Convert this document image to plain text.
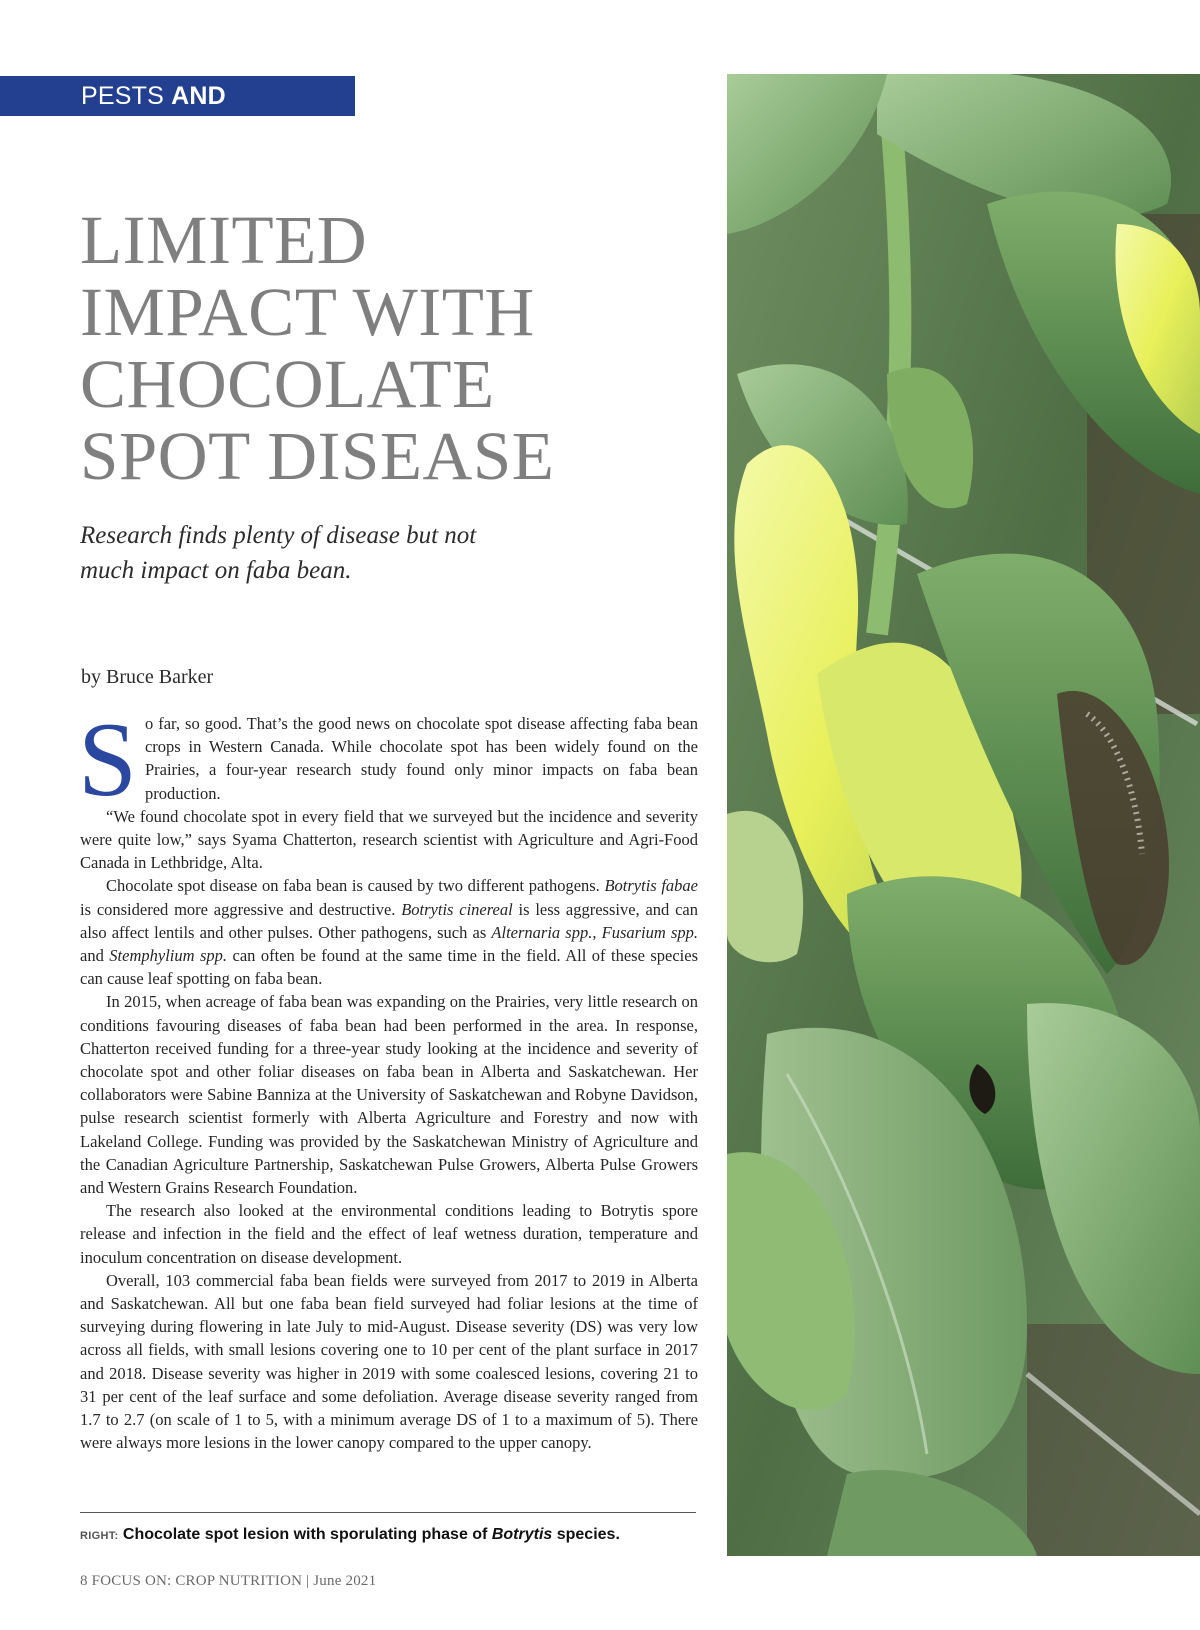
PESTS AND DISEASES
LIMITED IMPACT WITH CHOCOLATE SPOT DISEASE

Research finds plenty of disease but not much impact on faba bean.

by Bruce Barker

So far, so good. That’s the good news on chocolate spot disease affecting faba bean crops in Western Canada. While chocolate spot has been widely found on the Prairies, a four-year research study found only minor impacts on faba bean production.

“We found chocolate spot in every field that we surveyed but the incidence and severity were quite low,” says Syama Chatterton, research scientist with Agriculture and Agri-Food Canada in Lethbridge, Alta.

Chocolate spot disease on faba bean is caused by two different pathogens. Botrytis fabae is considered more aggressive and destructive. Botrytis cinereal is less aggressive, and can also affect lentils and other pulses. Other pathogens, such as Alternaria spp., Fusarium spp. and Stemphylium spp. can often be found at the same time in the field. All of these species can cause leaf spotting on faba bean.

In 2015, when acreage of faba bean was expanding on the Prairies, very little research on conditions favouring diseases of faba bean had been performed in the area. In response, Chatterton received funding for a three-year study looking at the incidence and severity of chocolate spot and other foliar diseases on faba bean in Alberta and Saskatchewan. Her collaborators were Sabine Banniza at the University of Saskatchewan and Robyne Davidson, pulse research scientist formerly with Alberta Agriculture and Forestry and now with Lakeland College. Funding was provided by the Saskatchewan Ministry of Agriculture and the Canadian Agriculture Partnership, Saskatchewan Pulse Growers, Alberta Pulse Growers and Western Grains Research Foundation.

The research also looked at the environmental conditions leading to Botrytis spore release and infection in the field and the effect of leaf wetness duration, temperature and inoculum concentration on disease development.

Overall, 103 commercial faba bean fields were surveyed from 2017 to 2019 in Alberta and Saskatchewan. All but one faba bean field surveyed had foliar lesions at the time of surveying during flowering in late July to mid-August. Disease severity (DS) was very low across all fields, with small lesions covering one to 10 per cent of the plant surface in 2017 and 2018. Disease severity was higher in 2019 with some coalesced lesions, covering 21 to 31 per cent of the leaf surface and some defoliation. Average disease severity ranged from 1.7 to 2.7 (on scale of 1 to 5, with a minimum average DS of 1 to a maximum of 5). There were always more lesions in the lower canopy compared to the upper canopy.

RIGHT: Chocolate spot lesion with sporulating phase of Botrytis species.
8 FOCUS ON: CROP NUTRITION | June 2021
